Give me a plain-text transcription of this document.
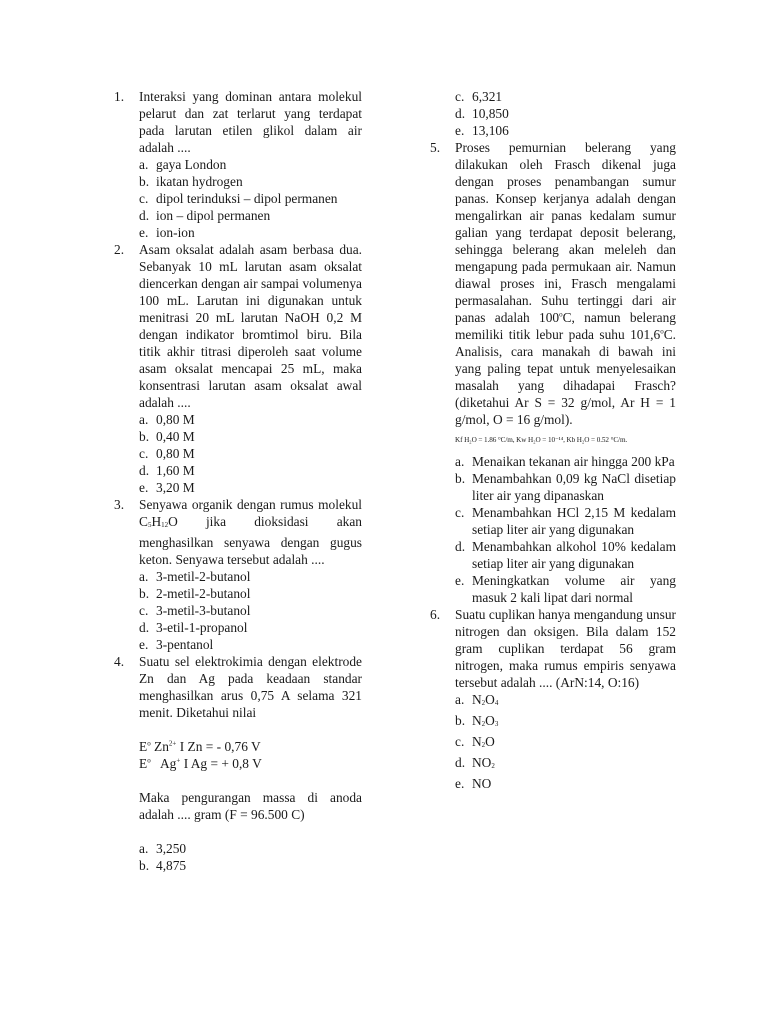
1. Interaksi yang dominan antara molekul pelarut dan zat terlarut yang terdapat pada larutan etilen glikol dalam air adalah ....
a. gaya London
b. ikatan hydrogen
c. dipol terinduksi – dipol permanen
d. ion – dipol permanen
e. ion-ion
2. Asam oksalat adalah asam berbasa dua. Sebanyak 10 mL larutan asam oksalat diencerkan dengan air sampai volumenya 100 mL. Larutan ini digunakan untuk menitrasi 20 mL larutan NaOH 0,2 M dengan indikator bromtimol biru. Bila titik akhir titrasi diperoleh saat volume asam oksalat mencapai 25 mL, maka konsentrasi larutan asam oksalat awal adalah ....
a. 0,80 M
b. 0,40 M
c. 0,80 M
d. 1,60 M
e. 3,20 M
3. Senyawa organik dengan rumus molekul C5H12O jika dioksidasi akan menghasilkan senyawa dengan gugus keton. Senyawa tersebut adalah ....
a. 3-metil-2-butanol
b. 2-metil-2-butanol
c. 3-metil-3-butanol
d. 3-etil-1-propanol
e. 3-pentanol
4. Suatu sel elektrokimia dengan elektrode Zn dan Ag pada keadaan standar menghasilkan arus 0,75 A selama 321 menit. Diketahui nilai
$E^o$ $Zn^{2+}$ I Zn = - 0,76 V
$E^o$ Ag+ I Ag = + 0,8 V
Maka pengurangan massa di anoda adalah .... gram (F = 96.500 C)
a. 3,250
b. 4,875
c. 6,321
d. 10,850
e. 13,106
5. Proses pemurnian belerang yang dilakukan oleh Frasch dikenal juga dengan proses penambangan sumur panas. Konsep kerjanya adalah dengan mengalirkan air panas kedalam sumur galian yang terdapat deposit belerang, sehingga belerang akan meleleh dan mengapung pada permukaan air. Namun diawal proses ini, Frasch mengalami permasalahan. Suhu tertinggi dari air panas adalah 100$^o$C, namun belerang memiliki titik lebur pada suhu 101,6$^o$C. Analisis, cara manakah di bawah ini yang paling tepat untuk menyelesaikan masalah yang dihadapai Frasch? (diketahui Ar S = 32 g/mol, Ar H = 1 g/mol, O = 16 g/mol).
Kf H₂O = 1.86 °C/m, Kw H₂O = 10⁻¹⁴, Kb H₂O = 0.52 °C/m.
a. Menaikan tekanan air hingga 200 kPa
b. Menambahkan 0,09 kg NaCl disetiap liter air yang dipanaskan
c. Menambahkan HCl 2,15 M kedalam setiap liter air yang digunakan
d. Menambahkan alkohol 10% kedalam setiap liter air yang digunakan
e. Meningkatkan volume air yang masuk 2 kali lipat dari normal
6. Suatu cuplikan hanya mengandung unsur nitrogen dan oksigen. Bila dalam 152 gram cuplikan terdapat 56 gram nitrogen, maka rumus empiris senyawa tersebut adalah .... (ArN:14, O:16)
a. N2O4
b. N2O3
c. N2O
d. NO2
e. NO
